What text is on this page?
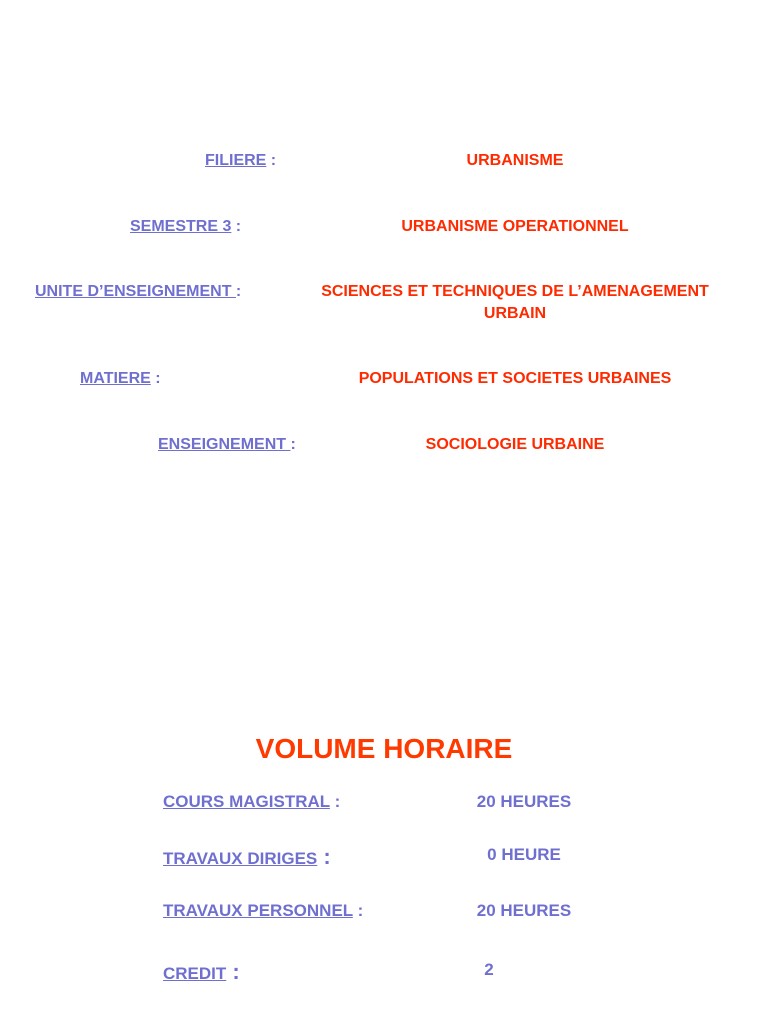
FILIERE :	URBANISME
SEMESTRE 3 :	URBANISME OPERATIONNEL
UNITE D’ENSEIGNEMENT :	SCIENCES ET TECHNIQUES DE L’AMENAGEMENT
URBAIN
MATIERE :	POPULATIONS ET SOCIETES URBAINES
ENSEIGNEMENT :	SOCIOLOGIE URBAINE
VOLUME HORAIRE
COURS MAGISTRAL :	20 HEURES
TRAVAUX DIRIGES :	0 HEURE
TRAVAUX PERSONNEL :	20 HEURES
CREDIT :	2
